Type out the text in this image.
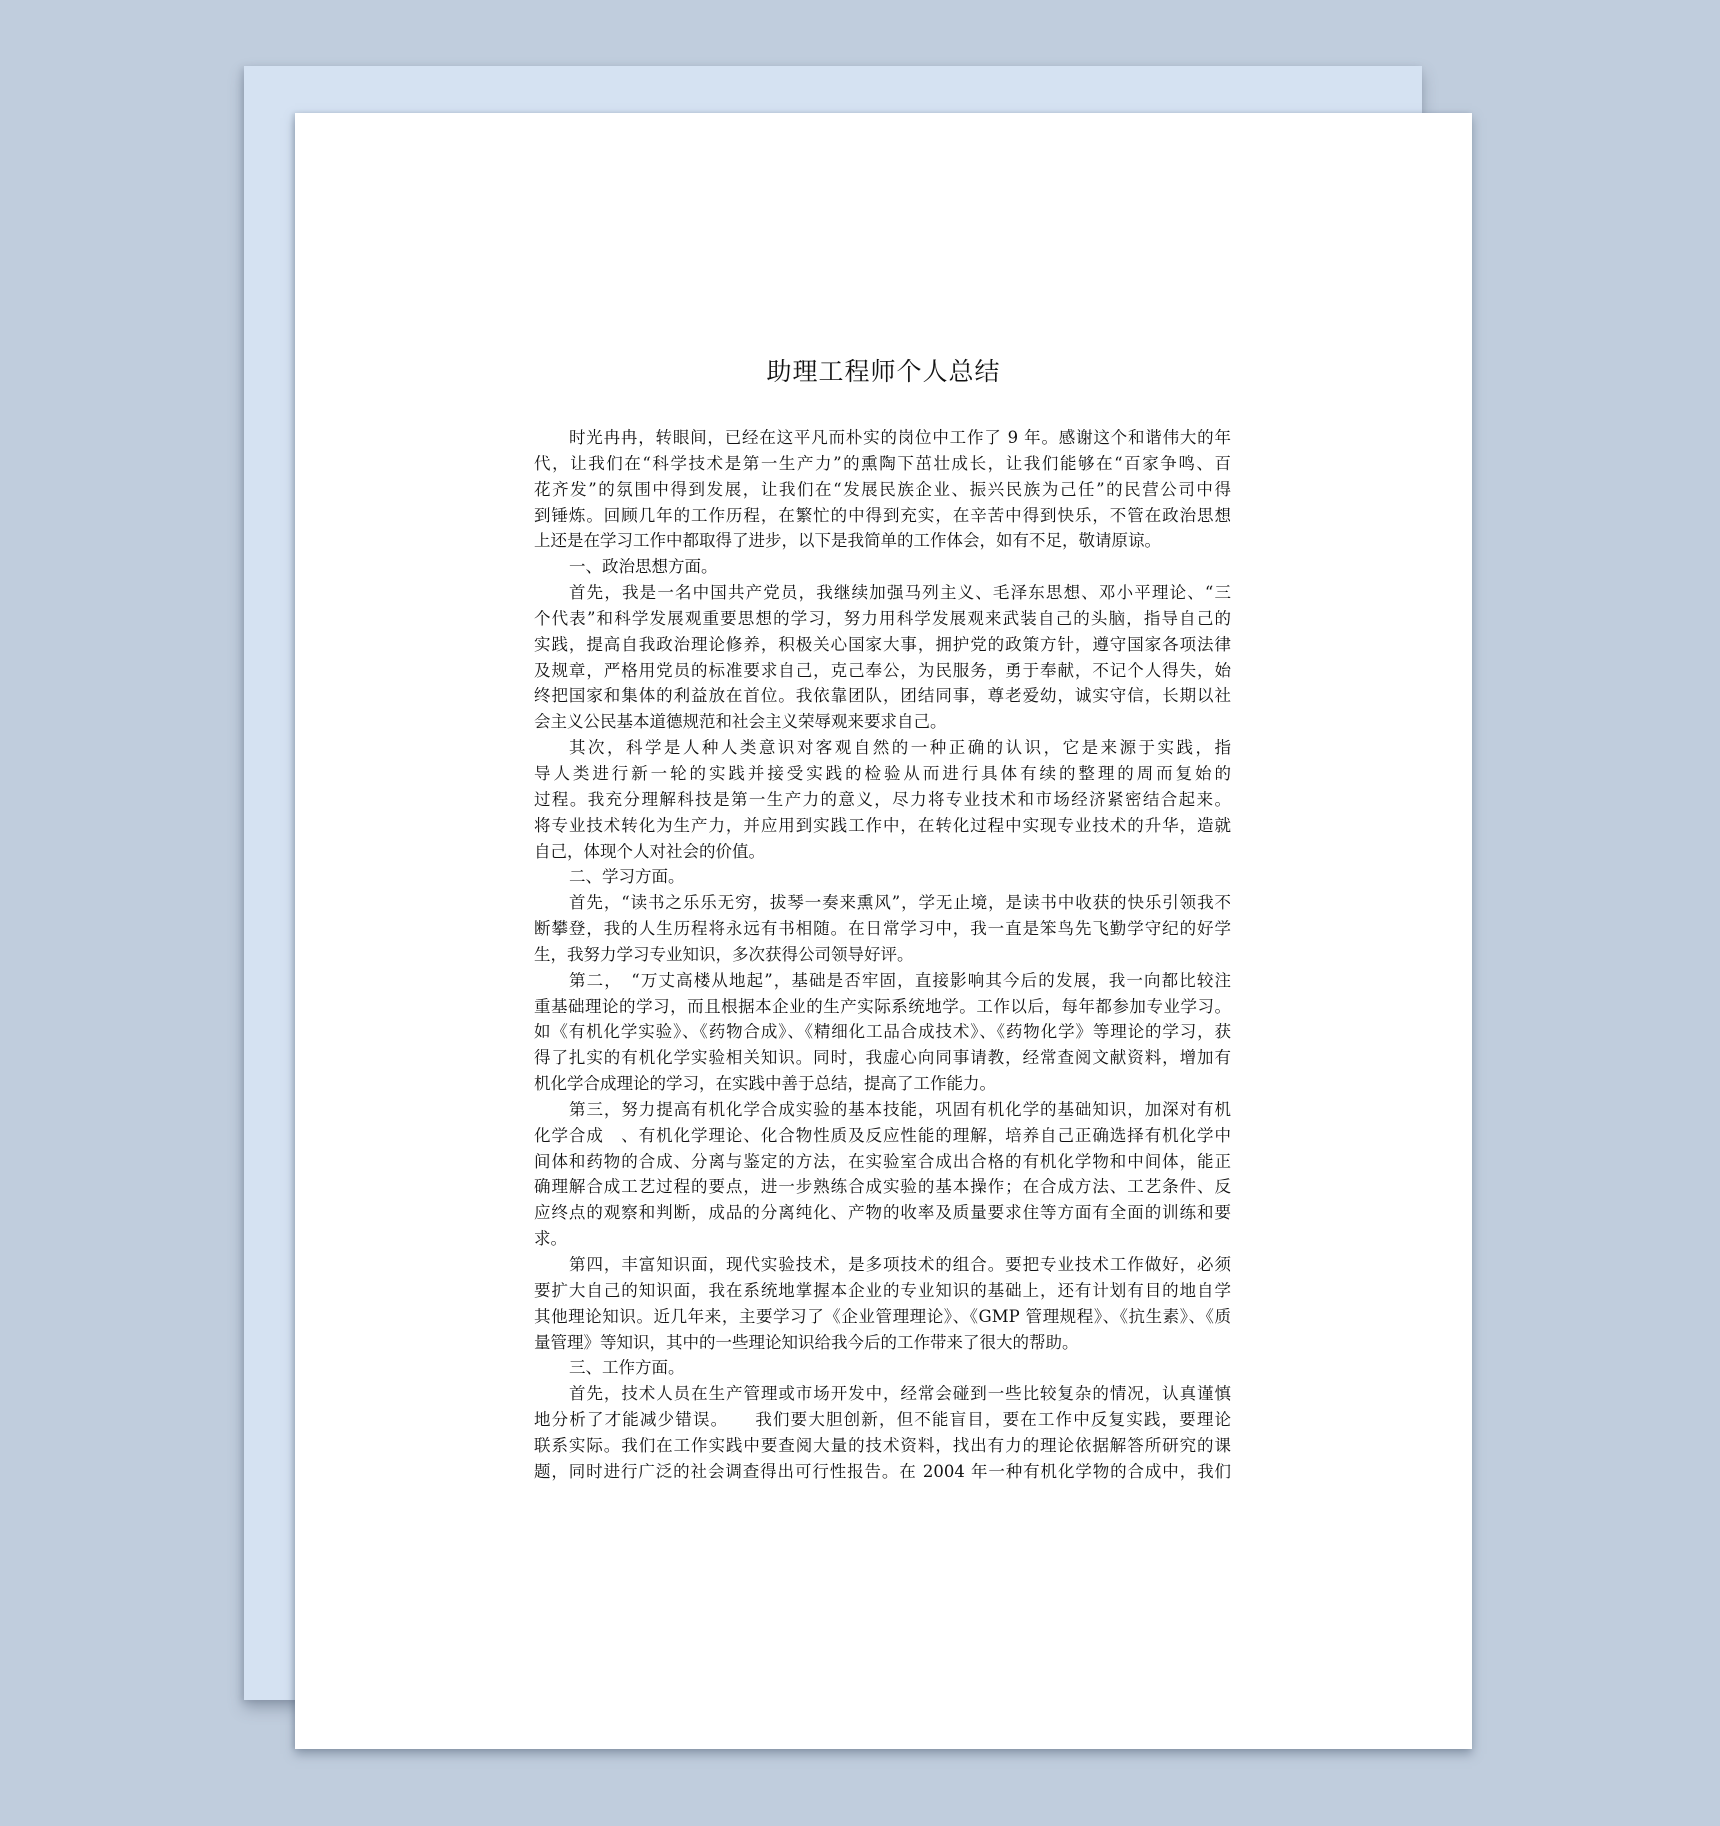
助理工程师个人总结
时光冉冉，转眼间，已经在这平凡而朴实的岗位中工作了 9 年。感谢这个和谐伟大的年
代，让我们在“科学技术是第一生产力”的熏陶下茁壮成长，让我们能够在“百家争鸣、百
花齐发”的氛围中得到发展，让我们在“发展民族企业、振兴民族为己任”的民营公司中得
到锤炼。回顾几年的工作历程，在繁忙的中得到充实，在辛苦中得到快乐，不管在政治思想
上还是在学习工作中都取得了进步，以下是我简单的工作体会，如有不足，敬请原谅。
一、政治思想方面。
首先，我是一名中国共产党员，我继续加强马列主义、毛泽东思想、邓小平理论、“三
个代表”和科学发展观重要思想的学习，努力用科学发展观来武装自己的头脑，指导自己的
实践，提高自我政治理论修养，积极关心国家大事，拥护党的政策方针，遵守国家各项法律
及规章，严格用党员的标准要求自己，克己奉公，为民服务，勇于奉献，不记个人得失，始
终把国家和集体的利益放在首位。我依靠团队，团结同事，尊老爱幼，诚实守信，长期以社
会主义公民基本道德规范和社会主义荣辱观来要求自己。
其次，科学是人种人类意识对客观自然的一种正确的认识，它是来源于实践，指
导人类进行新一轮的实践并接受实践的检验从而进行具体有续的整理的周而复始的
过程。我充分理解科技是第一生产力的意义，尽力将专业技术和市场经济紧密结合起来。
将专业技术转化为生产力，并应用到实践工作中，在转化过程中实现专业技术的升华，造就
自己，体现个人对社会的价值。
二、学习方面。
首先，“读书之乐乐无穷，拔琴一奏来熏风”，学无止境，是读书中收获的快乐引领我不
断攀登，我的人生历程将永远有书相随。在日常学习中，我一直是笨鸟先飞勤学守纪的好学
生，我努力学习专业知识，多次获得公司领导好评。
第二，　“万丈高楼从地起”，基础是否牢固，直接影响其今后的发展，我一向都比较注
重基础理论的学习，而且根据本企业的生产实际系统地学。工作以后，每年都参加专业学习。
如《有机化学实验》、《药物合成》、《精细化工品合成技术》、《药物化学》等理论的学习，获
得了扎实的有机化学实验相关知识。同时，我虚心向同事请教，经常查阅文献资料，增加有
机化学合成理论的学习，在实践中善于总结，提高了工作能力。
第三，努力提高有机化学合成实验的基本技能，巩固有机化学的基础知识，加深对有机
化学合成　、有机化学理论、化合物性质及反应性能的理解，培养自己正确选择有机化学中
间体和药物的合成、分离与鉴定的方法，在实验室合成出合格的有机化学物和中间体，能正
确理解合成工艺过程的要点，进一步熟练合成实验的基本操作；在合成方法、工艺条件、反
应终点的观察和判断，成品的分离纯化、产物的收率及质量要求住等方面有全面的训练和要
求。
第四，丰富知识面，现代实验技术，是多项技术的组合。要把专业技术工作做好，必须
要扩大自己的知识面，我在系统地掌握本企业的专业知识的基础上，还有计划有目的地自学
其他理论知识。近几年来，主要学习了《企业管理理论》、《GMP 管理规程》、《抗生素》、《质
量管理》等知识，其中的一些理论知识给我今后的工作带来了很大的帮助。
三、工作方面。
首先，技术人员在生产管理或市场开发中，经常会碰到一些比较复杂的情况，认真谨慎
地分析了才能减少错误。　　我们要大胆创新，但不能盲目，要在工作中反复实践，要理论
联系实际。我们在工作实践中要查阅大量的技术资料，找出有力的理论依据解答所研究的课
题，同时进行广泛的社会调查得出可行性报告。在 2004 年一种有机化学物的合成中，我们
